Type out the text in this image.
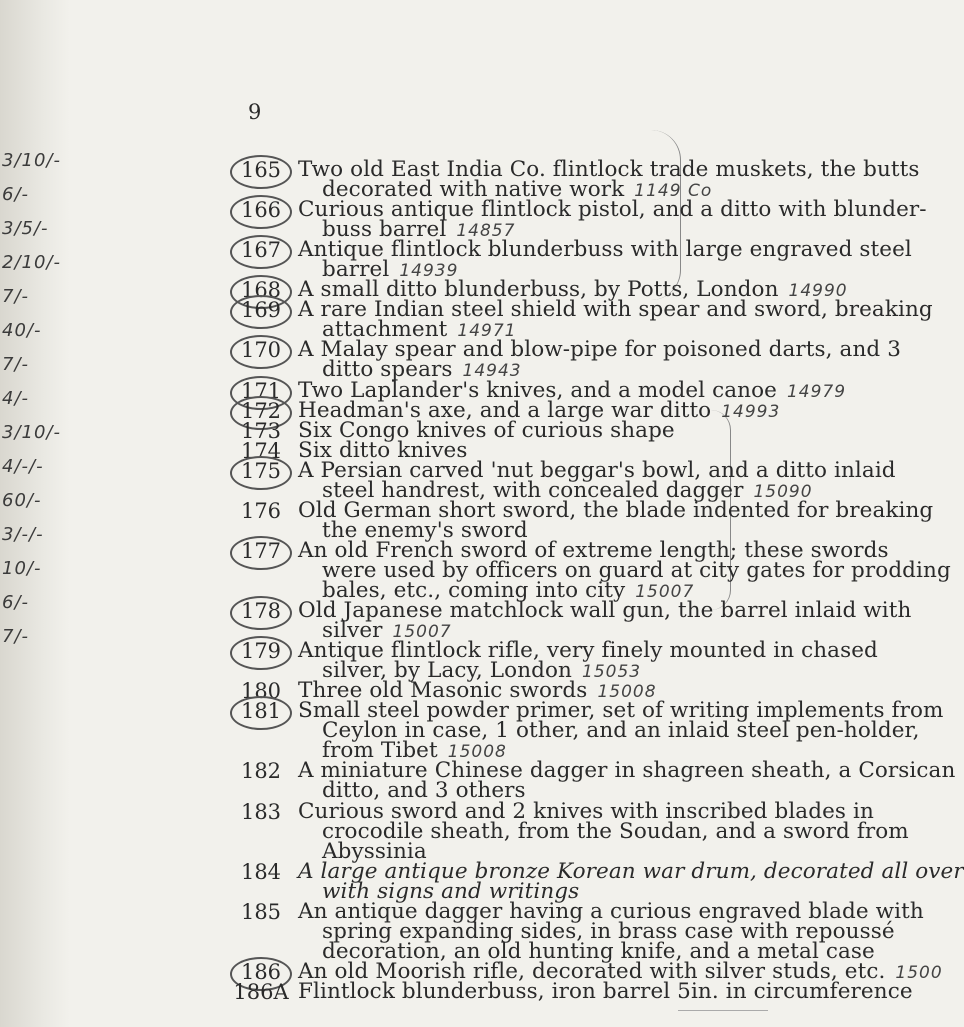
9
165 Two old East India Co. flintlock trade muskets, the butts
decorated with native work 1149 Co
166 Curious antique flintlock pistol, and a ditto with blunder-
buss barrel 14857
167 Antique flintlock blunderbuss with large engraved steel
barrel 14939
168 A small ditto blunderbuss, by Potts, London 14990
169 A rare Indian steel shield with spear and sword, breaking
attachment 14971
170 A Malay spear and blow-pipe for poisoned darts, and 3
ditto spears 14943
171 Two Laplander's knives, and a model canoe 14979
172 Headman's axe, and a large war ditto 14993
173 Six Congo knives of curious shape
174 Six ditto knives
175 A Persian carved 'nut beggar's bowl, and a ditto inlaid
steel handrest, with concealed dagger 15090
176 Old German short sword, the blade indented for breaking
the enemy's sword
177 An old French sword of extreme length; these swords
were used by officers on guard at city gates for prodding
bales, etc., coming into city 15007
178 Old Japanese matchlock wall gun, the barrel inlaid with
silver 15007
179 Antique flintlock rifle, very finely mounted in chased
silver, by Lacy, London 15053
180 Three old Masonic swords 15008
181 Small steel powder primer, set of writing implements from
Ceylon in case, 1 other, and an inlaid steel pen-holder,
from Tibet 15008
182 A miniature Chinese dagger in shagreen sheath, a Corsican
ditto, and 3 others
183 Curious sword and 2 knives with inscribed blades in
crocodile sheath, from the Soudan, and a sword from
Abyssinia
184 A large antique bronze Korean war drum, decorated all over
with signs and writings
185 An antique dagger having a curious engraved blade with
spring expanding sides, in brass case with repoussé
decoration, an old hunting knife, and a metal case
186 An old Moorish rifle, decorated with silver studs, etc. 1500
186A Flintlock blunderbuss, iron barrel 5in. in circumference
3/10/-
6/-
3/5/-
2/10/-
7/-
40/-
7/-
4/-
3/10/-
4/-/-
60/-
3/-/-
10/-
6/-
7/-
